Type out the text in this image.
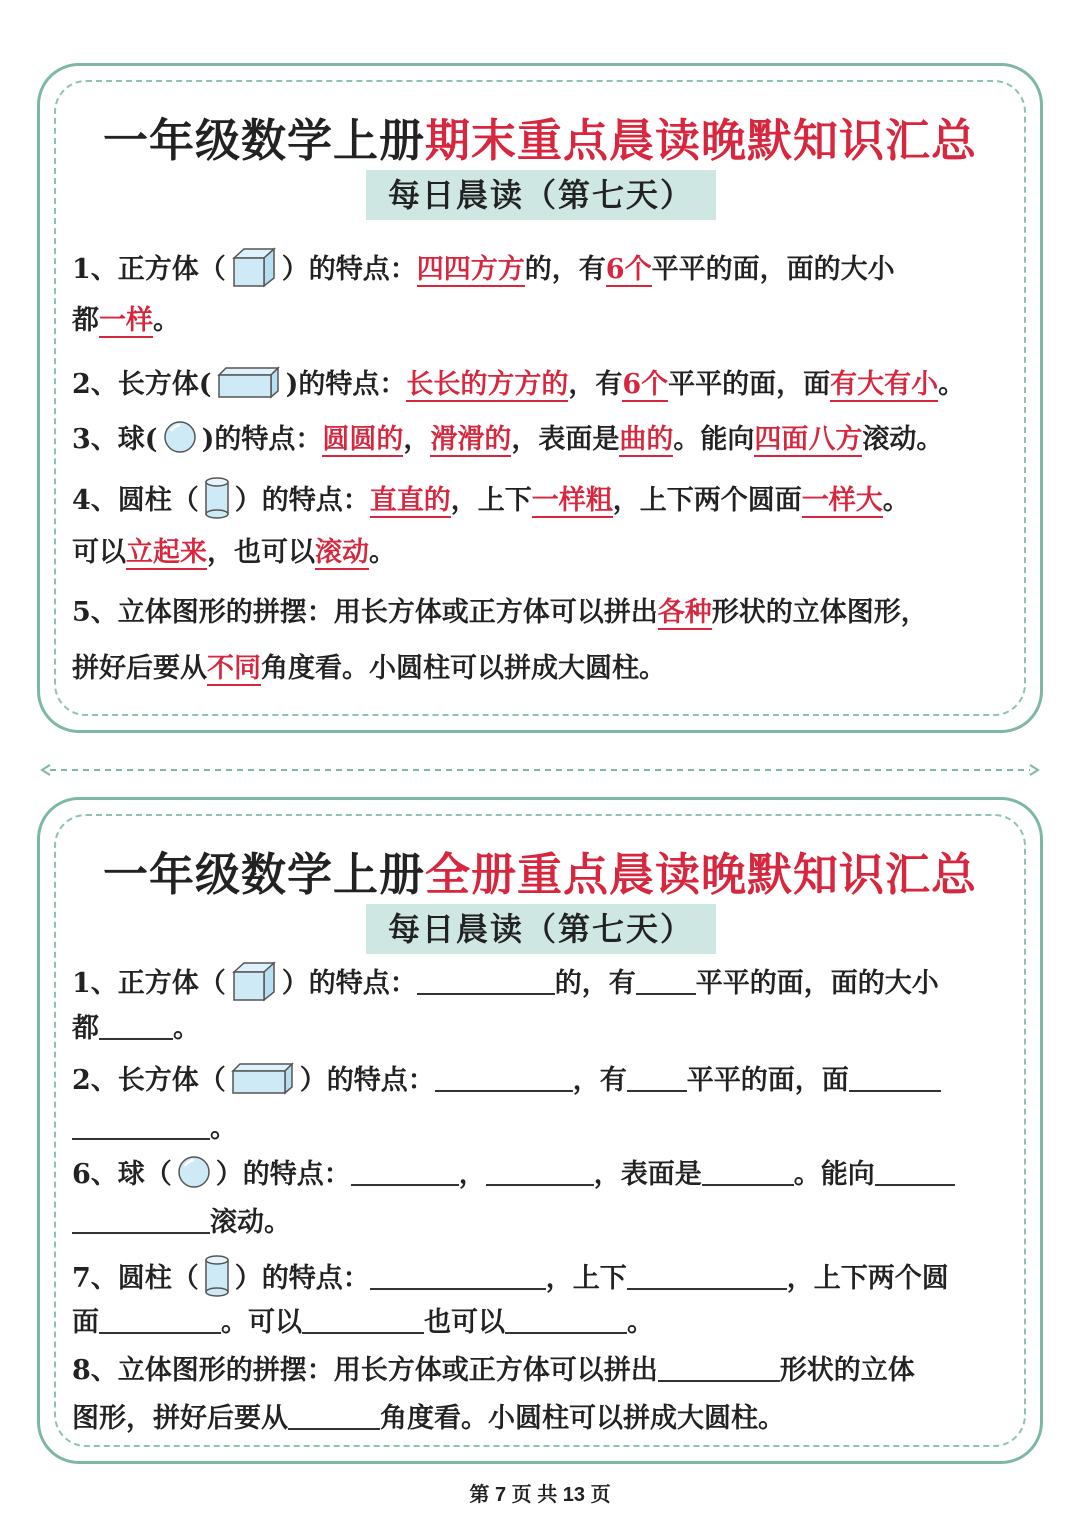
一年级数学上册期末重点晨读晚默知识汇总
每日晨读（第七天）
1、正方体（ ）的特点：四四方方的，有6个平平的面，面的大小
都一样。
2、长方体(	)的特点：长长的方方的，有6个平平的面，面有大有小。
3、球( )的特点：圆圆的，滑滑的，表面是曲的。能向四面八方滚动。
4、圆柱（ ）的特点：直直的，上下一样粗，上下两个圆面一样大。
可以立起来，也可以滚动。
5、立体图形的拼摆：用长方体或正方体可以拼出各种形状的立体图形，
拼好后要从不同角度看。小圆柱可以拼成大圆柱。
一年级数学上册全册重点晨读晚默知识汇总
每日晨读（第七天）
1、正方体（ ）的特点：	的，有 平平的面，面的大小
都	。
2、长方体（	）的特点：	，有 平平的面，面
。
6、球（ ）的特点：	，	，表面是	。能向
滚动。
7、圆柱（ ）的特点：	，上下	，上下两个圆
面	。可以	也可以	。
8、立体图形的拼摆：用长方体或正方体可以拼出	形状的立体
图形，拼好后要从	角度看。小圆柱可以拼成大圆柱。
第 7 页 共 13 页
